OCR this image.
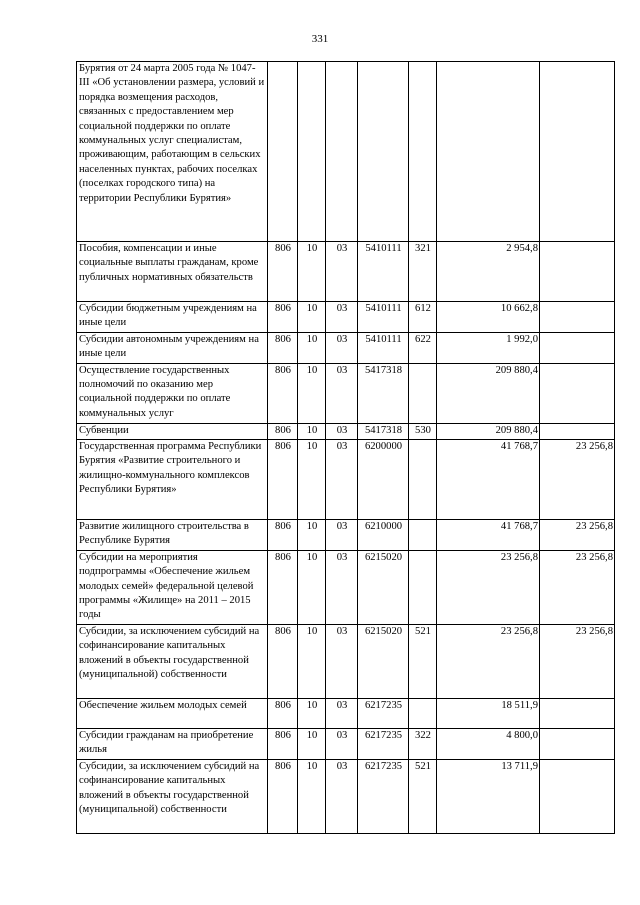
331
Бурятия от 24 марта 2005 года № 1047-III «Об установлении размера, условий и порядка возмещения расходов, связанных с предоставлением мер социальной поддержки по оплате коммунальных услуг специалистам, проживающим, работающим в сельских населенных пунктах, рабочих поселках (поселках городского типа) на территории Республики Бурятия»							
Пособия, компенсации и иные социальные выплаты гражданам, кроме публичных нормативных обязательств	806	10	03	5410111	321	2 954,8	
Субсидии бюджетным учреждениям на иные цели	806	10	03	5410111	612	10 662,8	
Субсидии автономным учреждениям на иные цели	806	10	03	5410111	622	1 992,0	
Осуществление государственных полномочий по оказанию мер социальной поддержки по оплате коммунальных услуг	806	10	03	5417318		209 880,4	
Субвенции	806	10	03	5417318	530	209 880,4	
Государственная программа Республики Бурятия «Развитие строительного и жилищно-коммунального комплексов Республики Бурятия»	806	10	03	6200000		41 768,7	23 256,8
Развитие жилищного строительства в Республике Бурятия	806	10	03	6210000		41 768,7	23 256,8
Субсидии на мероприятия подпрограммы «Обеспечение жильем молодых семей» федеральной целевой программы «Жилище» на 2011 – 2015 годы	806	10	03	6215020		23 256,8	23 256,8
Субсидии, за исключением субсидий на софинансирование капитальных вложений в объекты государственной (муниципальной) собственности	806	10	03	6215020	521	23 256,8	23 256,8
Обеспечение жильем молодых семей	806	10	03	6217235		18 511,9	
Субсидии гражданам на приобретение жилья	806	10	03	6217235	322	4 800,0	
Субсидии, за исключением субсидий на софинансирование капитальных вложений в объекты государственной (муниципальной) собственности	806	10	03	6217235	521	13 711,9	
